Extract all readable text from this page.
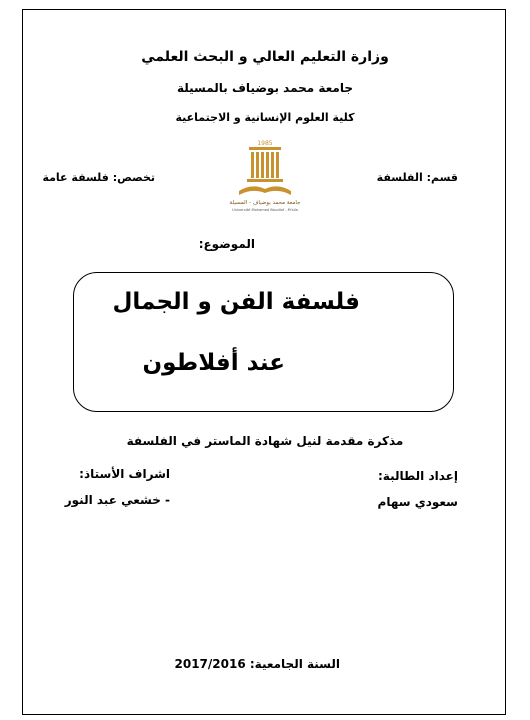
وزارة التعليم العالي و البحث العلمي
جامعة محمد بوضياف بالمسيلة
كلية العلوم الإنسانية و الاجتماعية
قسم: الفلسفة
تخصص: فلسفة عامة
1985
جامعة محمد بوضياف - المسيلة
Université Mohamed Boudiaf - M'sila
الموضوع:
فلسفة الفن و الجمال
عند أفلاطون
مذكرة مقدمة لنيل شهادة الماستر في الفلسفة
إعداد الطالبة:
سعودي سهام
اشراف الأستاذ:
- خشعي عبد النور
السنة الجامعية: 2017/2016
